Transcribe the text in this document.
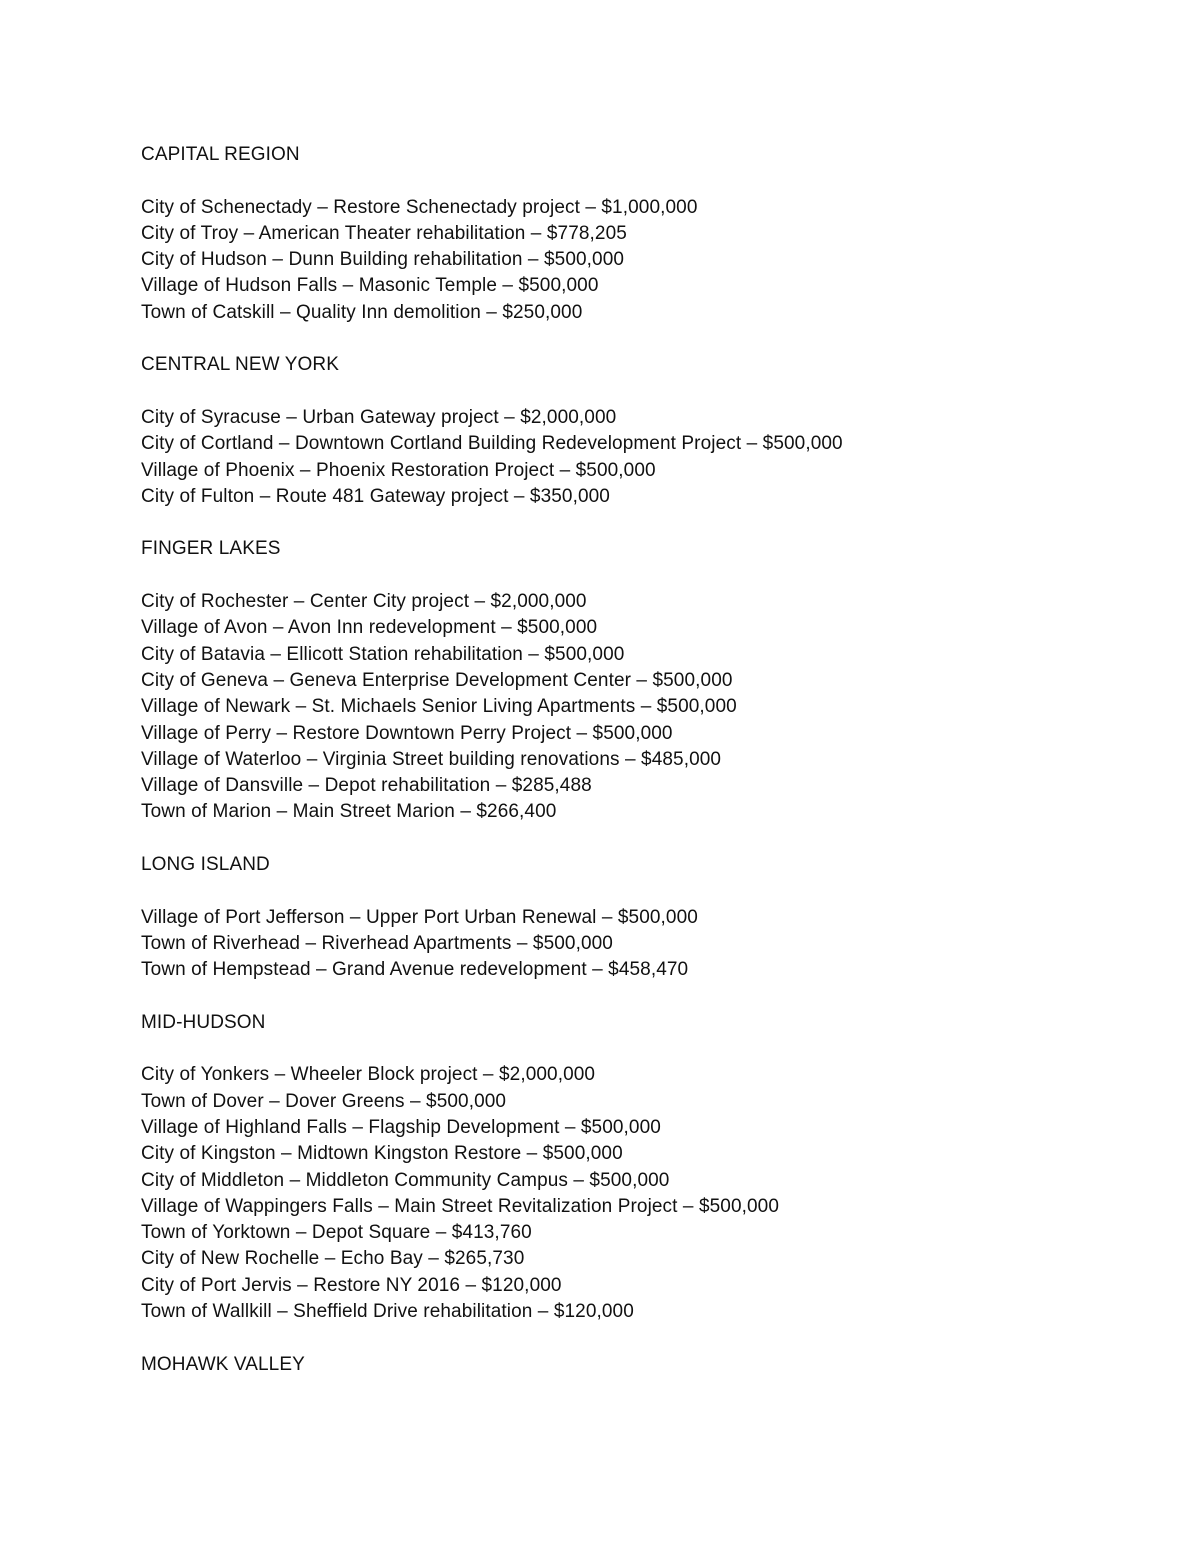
CAPITAL REGION

City of Schenectady – Restore Schenectady project – $1,000,000
City of Troy – American Theater rehabilitation – $778,205
City of Hudson – Dunn Building rehabilitation – $500,000
Village of Hudson Falls – Masonic Temple – $500,000
Town of Catskill – Quality Inn demolition – $250,000

CENTRAL NEW YORK

City of Syracuse – Urban Gateway project – $2,000,000
City of Cortland – Downtown Cortland Building Redevelopment Project – $500,000
Village of Phoenix – Phoenix Restoration Project – $500,000
City of Fulton – Route 481 Gateway project – $350,000

FINGER LAKES

City of Rochester – Center City project – $2,000,000
Village of Avon – Avon Inn redevelopment – $500,000
City of Batavia – Ellicott Station rehabilitation – $500,000
City of Geneva – Geneva Enterprise Development Center – $500,000
Village of Newark – St. Michaels Senior Living Apartments – $500,000
Village of Perry – Restore Downtown Perry Project – $500,000
Village of Waterloo – Virginia Street building renovations – $485,000
Village of Dansville – Depot rehabilitation – $285,488
Town of Marion – Main Street Marion – $266,400

LONG ISLAND

Village of Port Jefferson – Upper Port Urban Renewal – $500,000
Town of Riverhead – Riverhead Apartments – $500,000
Town of Hempstead – Grand Avenue redevelopment – $458,470

MID-HUDSON

City of Yonkers – Wheeler Block project – $2,000,000
Town of Dover – Dover Greens – $500,000
Village of Highland Falls – Flagship Development – $500,000
City of Kingston – Midtown Kingston Restore – $500,000
City of Middleton – Middleton Community Campus – $500,000
Village of Wappingers Falls – Main Street Revitalization Project – $500,000
Town of Yorktown – Depot Square – $413,760
City of New Rochelle – Echo Bay – $265,730
City of Port Jervis – Restore NY 2016 – $120,000
Town of Wallkill – Sheffield Drive rehabilitation – $120,000

MOHAWK VALLEY
